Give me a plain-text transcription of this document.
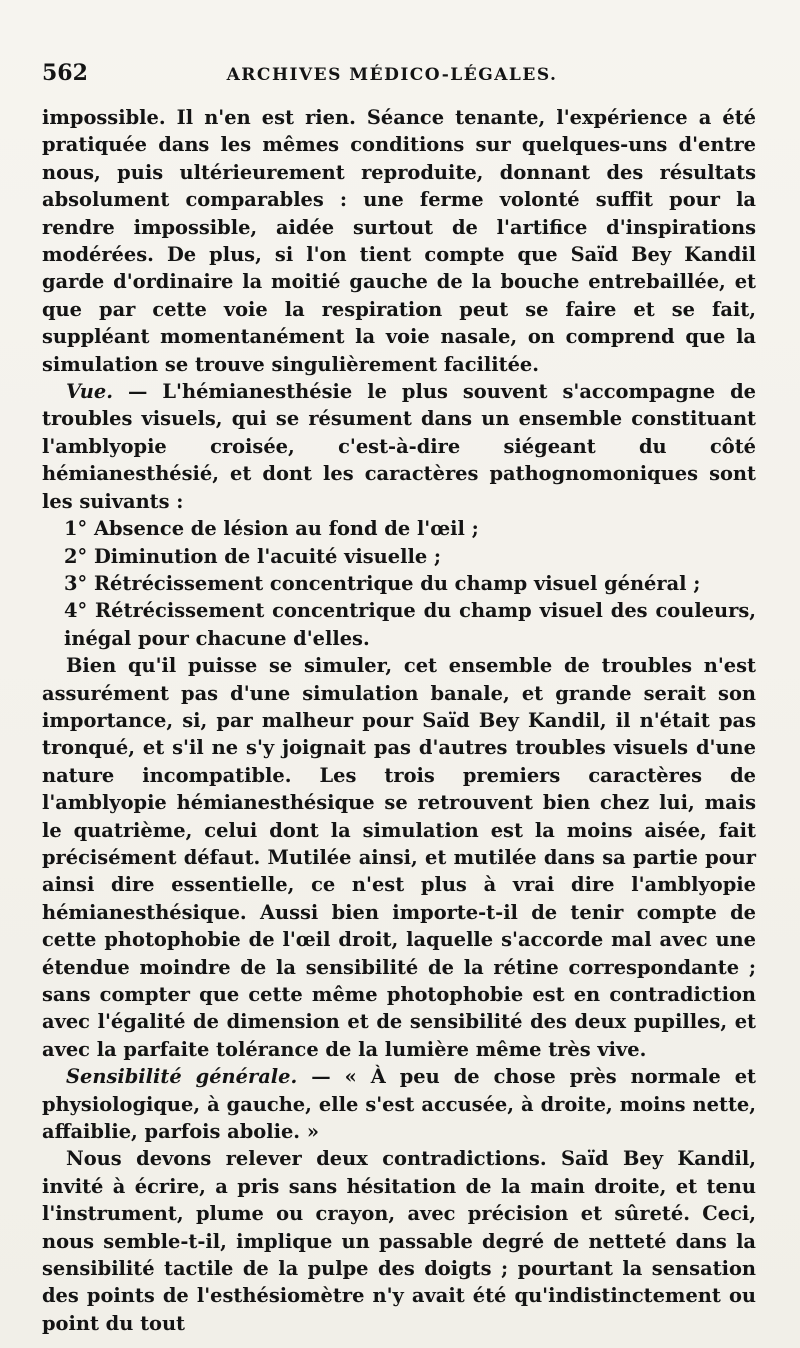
562	ARCHIVES MÉDICO-LÉGALES.

impossible. Il n'en est rien. Séance tenante, l'expérience a été pratiquée dans les mêmes conditions sur quelques-uns d'entre nous, puis ultérieurement reproduite, donnant des résultats absolument comparables : une ferme volonté suffit pour la rendre impossible, aidée surtout de l'artifice d'inspirations modérées. De plus, si l'on tient compte que Saïd Bey Kandil garde d'ordinaire la moitié gauche de la bouche entrebaillée, et que par cette voie la respiration peut se faire et se fait, suppléant momentanément la voie nasale, on comprend que la simulation se trouve singulièrement facilitée.

Vue. — L'hémianesthésie le plus souvent s'accompagne de troubles visuels, qui se résument dans un ensemble constituant l'amblyopie croisée, c'est-à-dire siégeant du côté hémianesthésié, et dont les caractères pathognomoniques sont les suivants :

1° Absence de lésion au fond de l'œil ;

2° Diminution de l'acuité visuelle ;

3° Rétrécissement concentrique du champ visuel général ;

4° Rétrécissement concentrique du champ visuel des couleurs, inégal pour chacune d'elles.

Bien qu'il puisse se simuler, cet ensemble de troubles n'est assurément pas d'une simulation banale, et grande serait son importance, si, par malheur pour Saïd Bey Kandil, il n'était pas tronqué, et s'il ne s'y joignait pas d'autres troubles visuels d'une nature incompatible. Les trois premiers caractères de l'amblyopie hémianesthésique se retrouvent bien chez lui, mais le quatrième, celui dont la simulation est la moins aisée, fait précisément défaut. Mutilée ainsi, et mutilée dans sa partie pour ainsi dire essentielle, ce n'est plus à vrai dire l'amblyopie hémianesthésique. Aussi bien importe-t-il de tenir compte de cette photophobie de l'œil droit, laquelle s'accorde mal avec une étendue moindre de la sensibilité de la rétine correspondante ; sans compter que cette même photophobie est en contradiction avec l'égalité de dimension et de sensibilité des deux pupilles, et avec la parfaite tolérance de la lumière même très vive.

Sensibilité générale. — « À peu de chose près normale et physiologique, à gauche, elle s'est accusée, à droite, moins nette, affaiblie, parfois abolie. »

Nous devons relever deux contradictions. Saïd Bey Kandil, invité à écrire, a pris sans hésitation de la main droite, et tenu l'instrument, plume ou crayon, avec précision et sûreté. Ceci, nous semble-t-il, implique un passable degré de netteté dans la sensibilité tactile de la pulpe des doigts ; pourtant la sensation des points de l'esthésiomètre n'y avait été qu'indistinctement ou point du tout
